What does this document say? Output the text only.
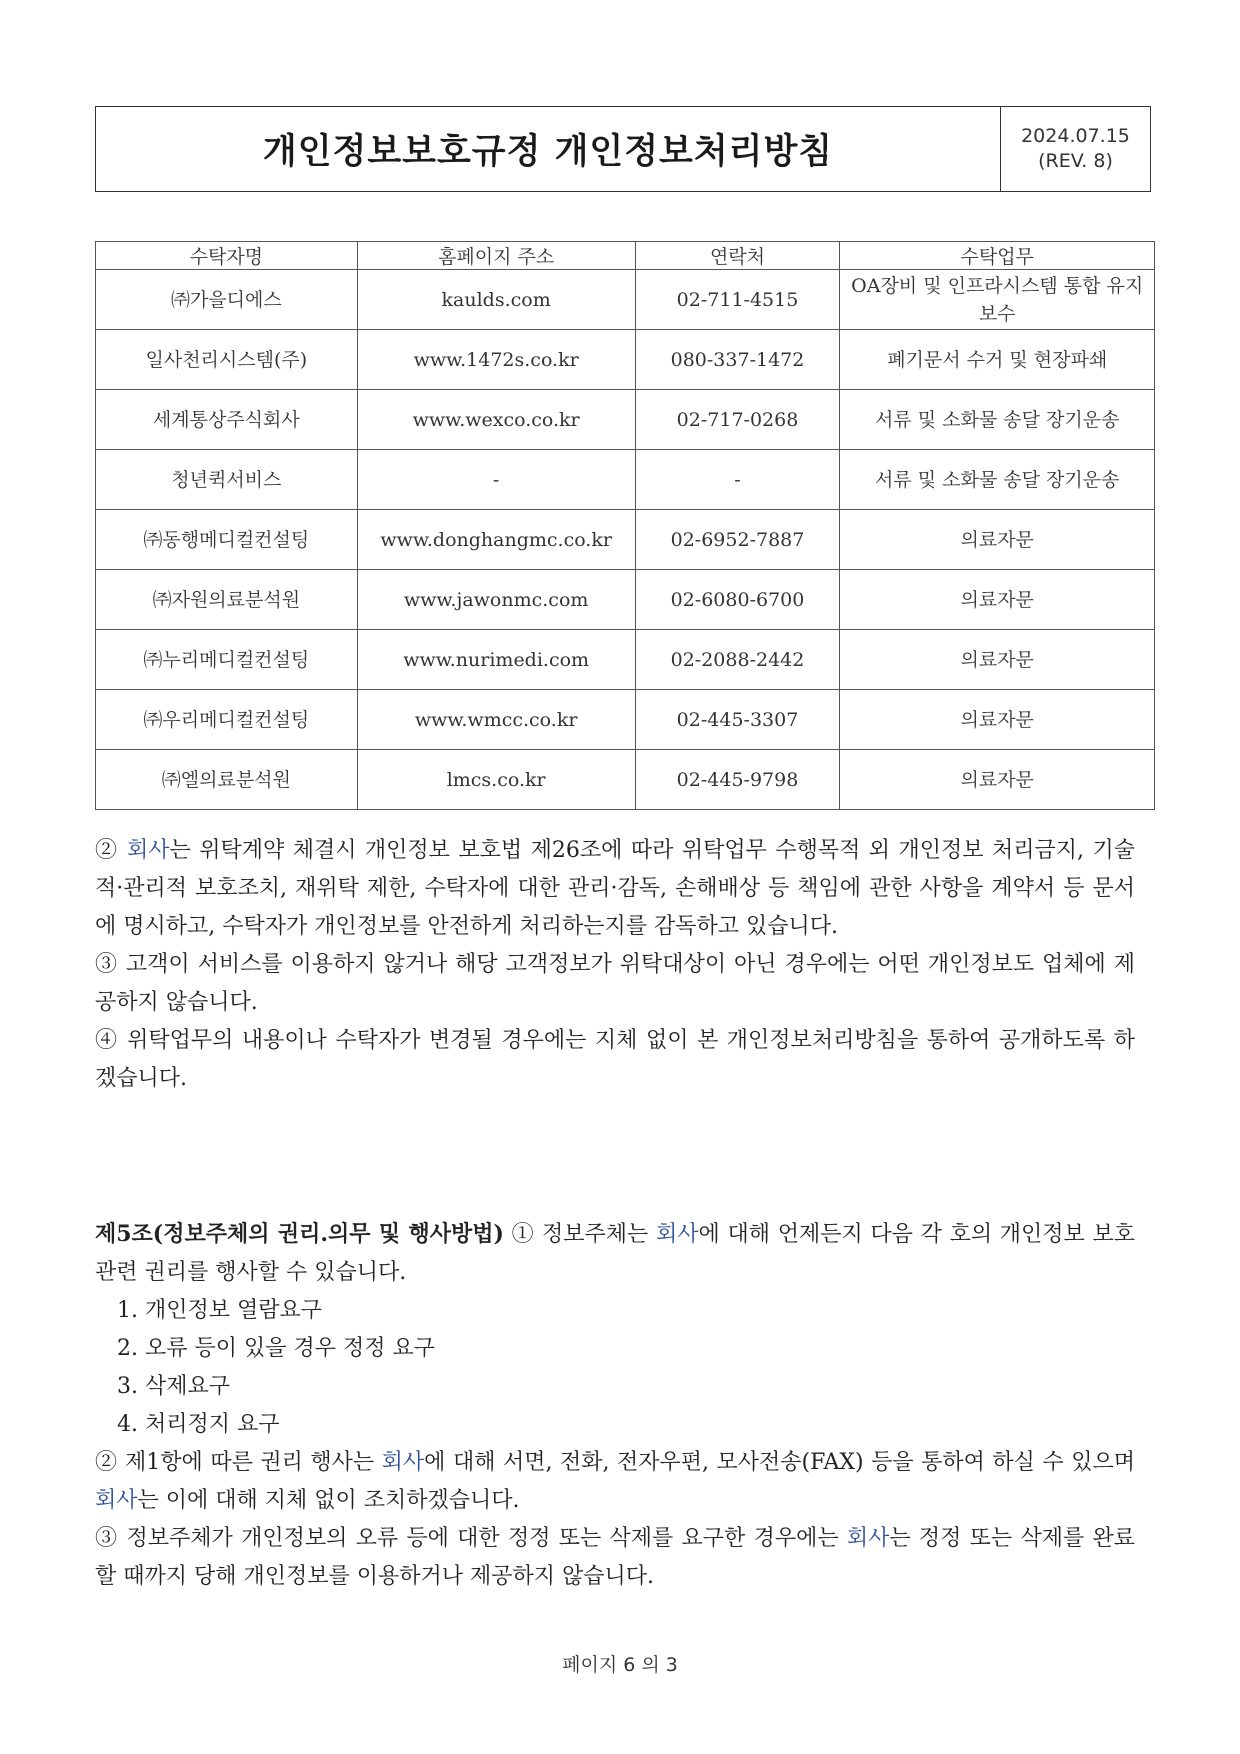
개인정보보호규정 개인정보처리방침	2024.07.15
(REV. 8)
수탁자명	홈페이지 주소	연락처	수탁업무
㈜가을디에스	kaulds.com	02-711-4515	OA장비 및 인프라시스템 통합 유지보수
일사천리시스템(주)	www.1472s.co.kr	080-337-1472	폐기문서 수거 및 현장파쇄
세계통상주식회사	www.wexco.co.kr	02-717-0268	서류 및 소화물 송달 장기운송
청년퀵서비스	-	-	서류 및 소화물 송달 장기운송
㈜동행메디컬컨설팅	www.donghangmc.co.kr	02-6952-7887	의료자문
㈜자원의료분석원	www.jawonmc.com	02-6080-6700	의료자문
㈜누리메디컬컨설팅	www.nurimedi.com	02-2088-2442	의료자문
㈜우리메디컬컨설팅	www.wmcc.co.kr	02-445-3307	의료자문
㈜엘의료분석원	lmcs.co.kr	02-445-9798	의료자문

② 회사는 위탁계약 체결시 개인정보 보호법 제26조에 따라 위탁업무 수행목적 외 개인정보 처리금지, 기술적·관리적 보호조치, 재위탁 제한, 수탁자에 대한 관리·감독, 손해배상 등 책임에 관한 사항을 계약서 등 문서에 명시하고, 수탁자가 개인정보를 안전하게 처리하는지를 감독하고 있습니다.

③ 고객이 서비스를 이용하지 않거나 해당 고객정보가 위탁대상이 아닌 경우에는 어떤 개인정보도 업체에 제공하지 않습니다.

④ 위탁업무의 내용이나 수탁자가 변경될 경우에는 지체 없이 본 개인정보처리방침을 통하여 공개하도록 하겠습니다.

제5조(정보주체의 권리.의무 및 행사방법) ① 정보주체는 회사에 대해 언제든지 다음 각 호의 개인정보 보호 관련 권리를 행사할 수 있습니다.

1. 개인정보 열람요구

2. 오류 등이 있을 경우 정정 요구

3. 삭제요구

4. 처리정지 요구

② 제1항에 따른 권리 행사는 회사에 대해 서면, 전화, 전자우편, 모사전송(FAX) 등을 통하여 하실 수 있으며 회사는 이에 대해 지체 없이 조치하겠습니다.

③ 정보주체가 개인정보의 오류 등에 대한 정정 또는 삭제를 요구한 경우에는 회사는 정정 또는 삭제를 완료할 때까지 당해 개인정보를 이용하거나 제공하지 않습니다.

페이지 6 의 3
